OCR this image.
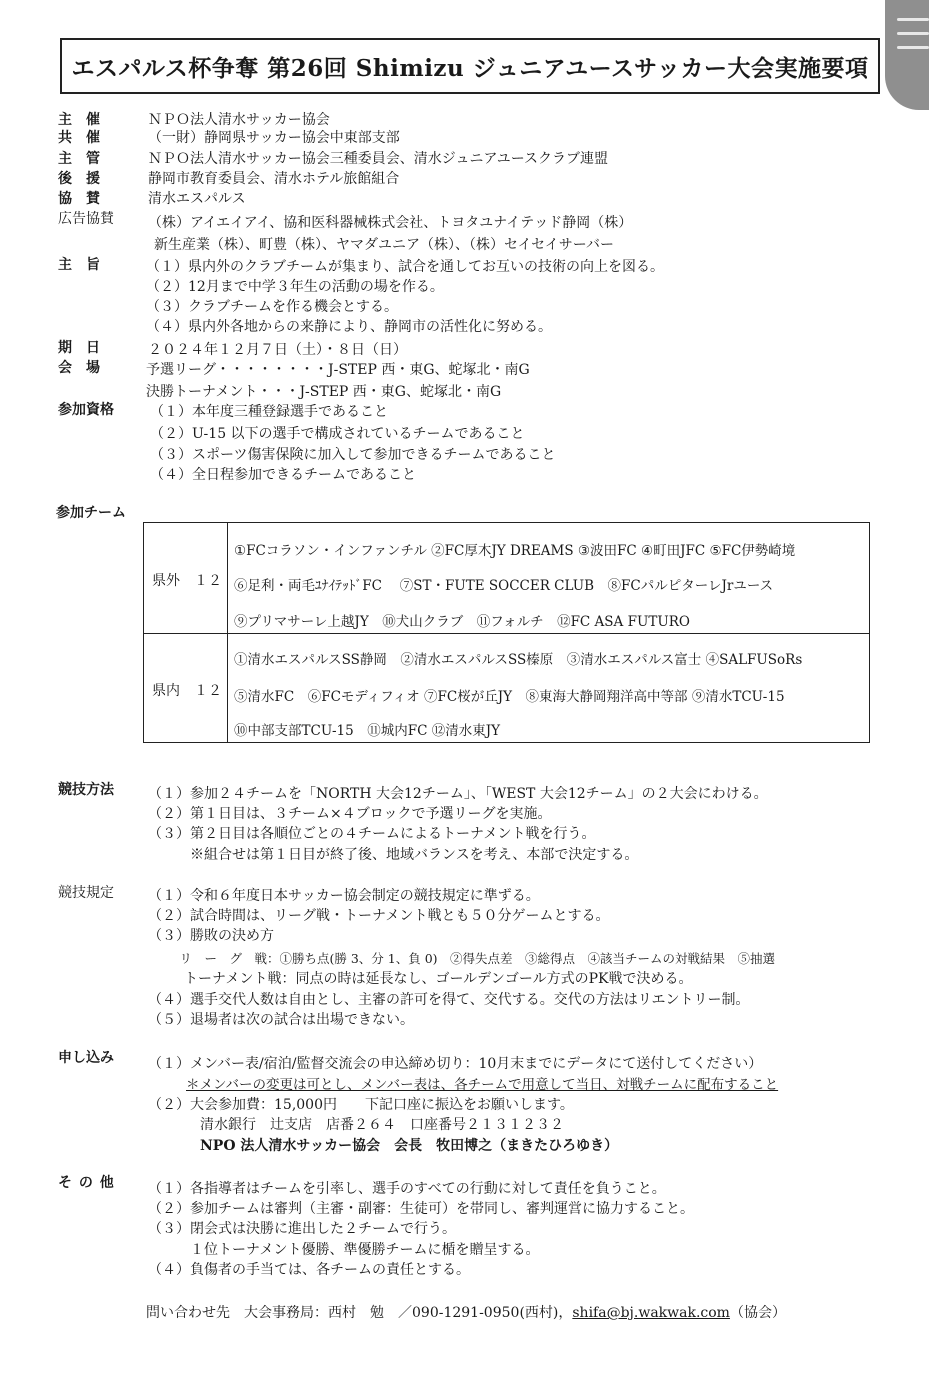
エスパルス杯争奪 第26回 Shimizu ジュニアユースサッカー大会実施要項
主　催	ＮＰＯ法人清水サッカー協会
共　催	（一財）静岡県サッカー協会中東部支部
主　管	ＮＰＯ法人清水サッカー協会三種委員会、清水ジュニアユースクラブ連盟
後　援	静岡市教育委員会、清水ホテル旅館組合
協　賛	清水エスパルス
広告協賛 （株）アイエイアイ、協和医科器械株式会社、トヨタユナイテッド静岡（株）
新生産業（株）、町豊（株）、ヤマダユニア（株）、（株）セイセイサーバー
主　旨	（１）県内外のクラブチームが集まり、試合を通してお互いの技術の向上を図る。
（２）12月まで中学３年生の活動の場を作る。
（３）クラブチームを作る機会とする。
（４）県内外各地からの来静により、静岡市の活性化に努める。
期　日	２０２４年１２月７日（土）・８日（日）
会　場	予選リーグ・・・・・・・・J-STEP 西・東G、蛇塚北・南G
決勝トーナメント・・・J-STEP 西・東G、蛇塚北・南G
参加資格	（１）本年度三種登録選手であること
（２）U-15 以下の選手で構成されているチームであること
（３）スポーツ傷害保険に加入して参加できるチームであること
（４）全日程参加できるチームであること
参加チーム
県外　１２
①FCコラソン・インファンチル ②FC厚木JY DREAMS ③波田FC ④町田JFC ⑤FC伊勢崎境
⑥足利・両毛ﾕﾅｲﾃｯﾄﾞFC　 ⑦ST・FUTE SOCCER CLUB　⑧FCパルピターレJrユース
⑨プリマサーレ上越JY　⑩犬山クラブ　⑪フォルチ　⑫FC ASA FUTURO
県内　１２
①清水エスパルスSS静岡　②清水エスパルスSS榛原　③清水エスパルス富士 ④SALFUSoRs
⑤清水FC　⑥FCモディフィオ ⑦FC桜が丘JY　⑧東海大静岡翔洋高中等部 ⑨清水TCU-15
⑩中部支部TCU-15　⑪城内FC ⑫清水東JY
競技方法 （１）参加２４チームを「NORTH 大会12チーム」、「WEST 大会12チーム」の２大会にわける。
（２）第１日目は、３チーム×４ブロックで予選リーグを実施。
（３）第２日目は各順位ごとの４チームによるトーナメント戦を行う。
　　　※組合せは第１日目が終了後、地域バランスを考え、本部で決定する。
競技規定 （１）令和６年度日本サッカー協会制定の競技規定に準ずる。
（２）試合時間は、リーグ戦・トーナメント戦とも５０分ゲームとする。
（３）勝敗の決め方
　　　リ　ー　グ　戦：①勝ち点(勝 3、分 1、負 0)　②得失点差　③総得点　④該当チームの対戦結果　⑤抽選
　　　トーナメント戦：同点の時は延長なし、ゴールデンゴール方式のPK戦で決める。
（４）選手交代人数は自由とし、主審の許可を得て、交代する。交代の方法はリエントリー制。
（５）退場者は次の試合は出場できない。
申し込み （１）メンバー表/宿泊/監督交流会の申込締め切り：10月末までにデータにて送付してください）
＊メンバーの変更は可とし、メンバー表は、各チームで用意して当日、対戦チームに配布すること
（２）大会参加費：15,000円　　下記口座に振込をお願いします。
清水銀行　辻支店　店番２６４　口座番号２１３１２３２
NPO 法人清水サッカー協会　会長　牧田博之（まきたひろゆき）
そ の 他 （１）各指導者はチームを引率し、選手のすべての行動に対して責任を負うこと。
（２）参加チームは審判（主審・副審：生徒可）を帯同し、審判運営に協力すること。
（３）閉会式は決勝に進出した２チームで行う。
　　　１位トーナメント優勝、準優勝チームに楯を贈呈する。
（４）負傷者の手当ては、各チームの責任とする。
問い合わせ先　大会事務局：西村　勉　／090-1291-0950(西村)，shifa@bj.wakwak.com（協会）
